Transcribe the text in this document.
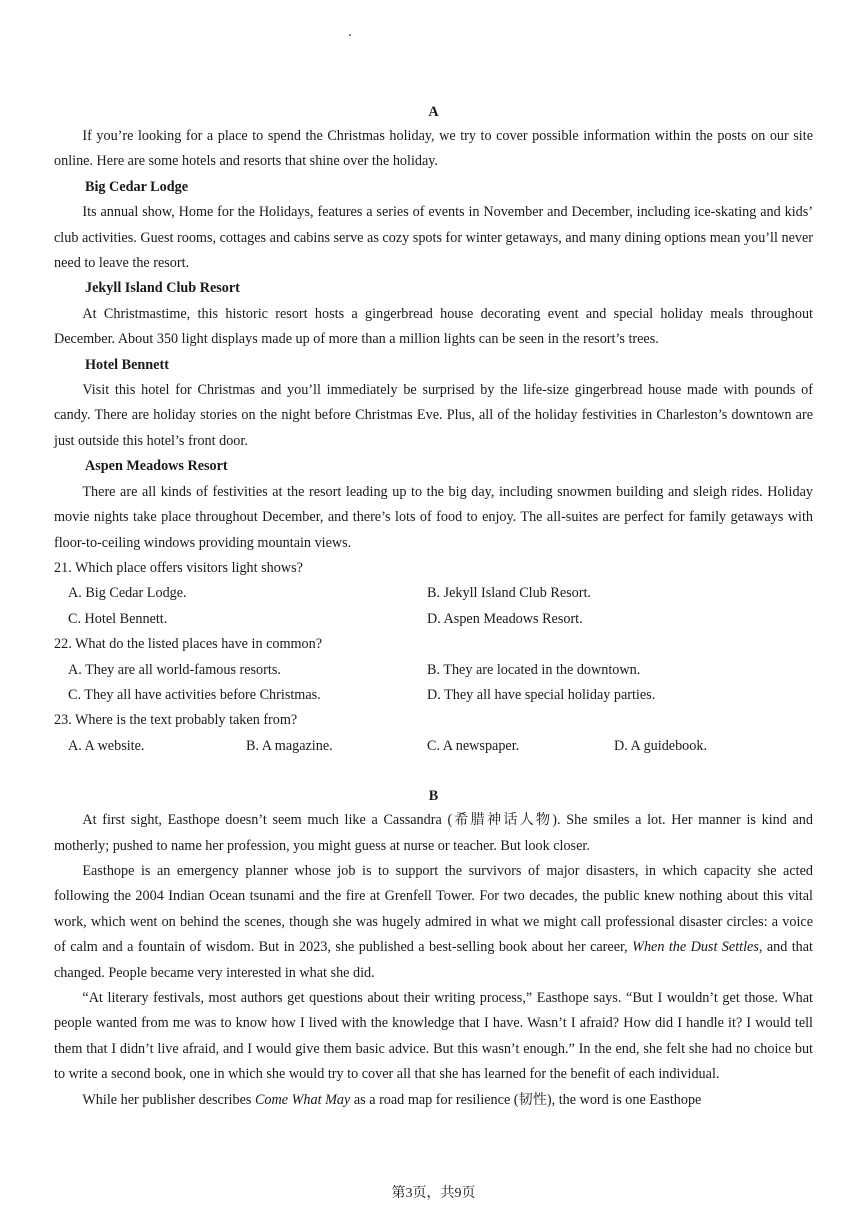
A

If you’re looking for a place to spend the Christmas holiday, we try to cover possible information within the posts on our site online. Here are some hotels and resorts that shine over the holiday.

Big Cedar Lodge

Its annual show, Home for the Holidays, features a series of events in November and December, including ice-skating and kids’ club activities. Guest rooms, cottages and cabins serve as cozy spots for winter getaways, and many dining options mean you’ll never need to leave the resort.

Jekyll Island Club Resort

At Christmastime, this historic resort hosts a gingerbread house decorating event and special holiday meals throughout December. About 350 light displays made up of more than a million lights can be seen in the resort’s trees.

Hotel Bennett

Visit this hotel for Christmas and you’ll immediately be surprised by the life-size gingerbread house made with pounds of candy. There are holiday stories on the night before Christmas Eve. Plus, all of the holiday festivities in Charleston’s downtown are just outside this hotel’s front door.

Aspen Meadows Resort

There are all kinds of festivities at the resort leading up to the big day, including snowmen building and sleigh rides. Holiday movie nights take place throughout December, and there’s lots of food to enjoy. The all-suites are perfect for family getaways with floor-to-ceiling windows providing mountain views.

21. Which place offers visitors light shows?

A. Big Cedar Lodge.	B. Jekyll Island Club Resort.
C. Hotel Bennett.	D. Aspen Meadows Resort.

22. What do the listed places have in common?

A. They are all world-famous resorts.	B. They are located in the downtown.
C. They all have activities before Christmas.	D. They all have special holiday parties.

23. Where is the text probably taken from?

A. A website.	B. A magazine.	C. A newspaper.	D. A guidebook.

B

At first sight, Easthope doesn’t seem much like a Cassandra (希腊神话人物). She smiles a lot. Her manner is kind and motherly; pushed to name her profession, you might guess at nurse or teacher. But look closer.

Easthope is an emergency planner whose job is to support the survivors of major disasters, in which capacity she acted following the 2004 Indian Ocean tsunami and the fire at Grenfell Tower. For two decades, the public knew nothing about this vital work, which went on behind the scenes, though she was hugely admired in what we might call professional disaster circles: a voice of calm and a fountain of wisdom. But in 2023, she published a best-selling book about her career, When the Dust Settles, and that changed. People became very interested in what she did.

“At literary festivals, most authors get questions about their writing process,” Easthope says. “But I wouldn’t get those. What people wanted from me was to know how I lived with the knowledge that I have. Wasn’t I afraid? How did I handle it? I would tell them that I didn’t live afraid, and I would give them basic advice. But this wasn’t enough.” In the end, she felt she had no choice but to write a second book, one in which she would try to cover all that she has learned for the benefit of each individual.

While her publisher describes Come What May as a road map for resilience (韧性), the word is one Easthope

第3页，共9页
